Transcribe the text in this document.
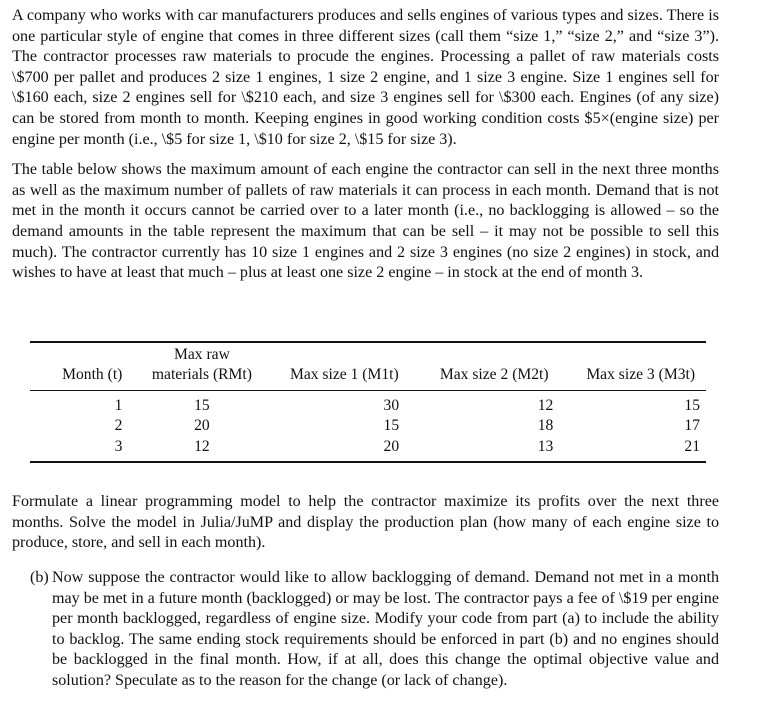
A company who works with car manufacturers produces and sells engines of various types and sizes. There is one particular style of engine that comes in three different sizes (call them “size 1,” “size 2,” and “size 3”). The contractor processes raw materials to procude the engines. Processing a pallet of raw materials costs \$700 per pallet and produces 2 size 1 engines, 1 size 2 engine, and 1 size 3 engine. Size 1 engines sell for \$160 each, size 2 engines sell for \$210 each, and size 3 engines sell for \$300 each. Engines (of any size) can be stored from month to month. Keeping engines in good working condition costs $5×(engine size) per engine per month (i.e., \$5 for size 1, \$10 for size 2, \$15 for size 3).

The table below shows the maximum amount of each engine the contractor can sell in the next three months as well as the maximum number of pallets of raw materials it can process in each month. Demand that is not met in the month it occurs cannot be carried over to a later month (i.e., no backlogging is allowed – so the demand amounts in the table represent the maximum that can be sell – it may not be possible to sell this much). The contractor currently has 10 size 1 engines and 2 size 3 engines (no size 2 engines) in stock, and wishes to have at least that much – plus at least one size 2 engine – in stock at the end of month 3.

	Max raw			
Month (t)	materials (RMt)	Max size 1 (M1t)	Max size 2 (M2t)	Max size 3 (M3t)
1	15	30	12	15
2	20	15	18	17
3	12	20	13	21

Formulate a linear programming model to help the contractor maximize its profits over the next three months. Solve the model in Julia/JuMP and display the production plan (how many of each engine size to produce, store, and sell in each month).

(b) Now suppose the contractor would like to allow backlogging of demand. Demand not met in a month may be met in a future month (backlogged) or may be lost. The contractor pays a fee of \$19 per engine per month backlogged, regardless of engine size. Modify your code from part (a) to include the ability to backlog. The same ending stock requirements should be enforced in part (b) and no engines should be backlogged in the final month. How, if at all, does this change the optimal objective value and solution? Speculate as to the reason for the change (or lack of change).
